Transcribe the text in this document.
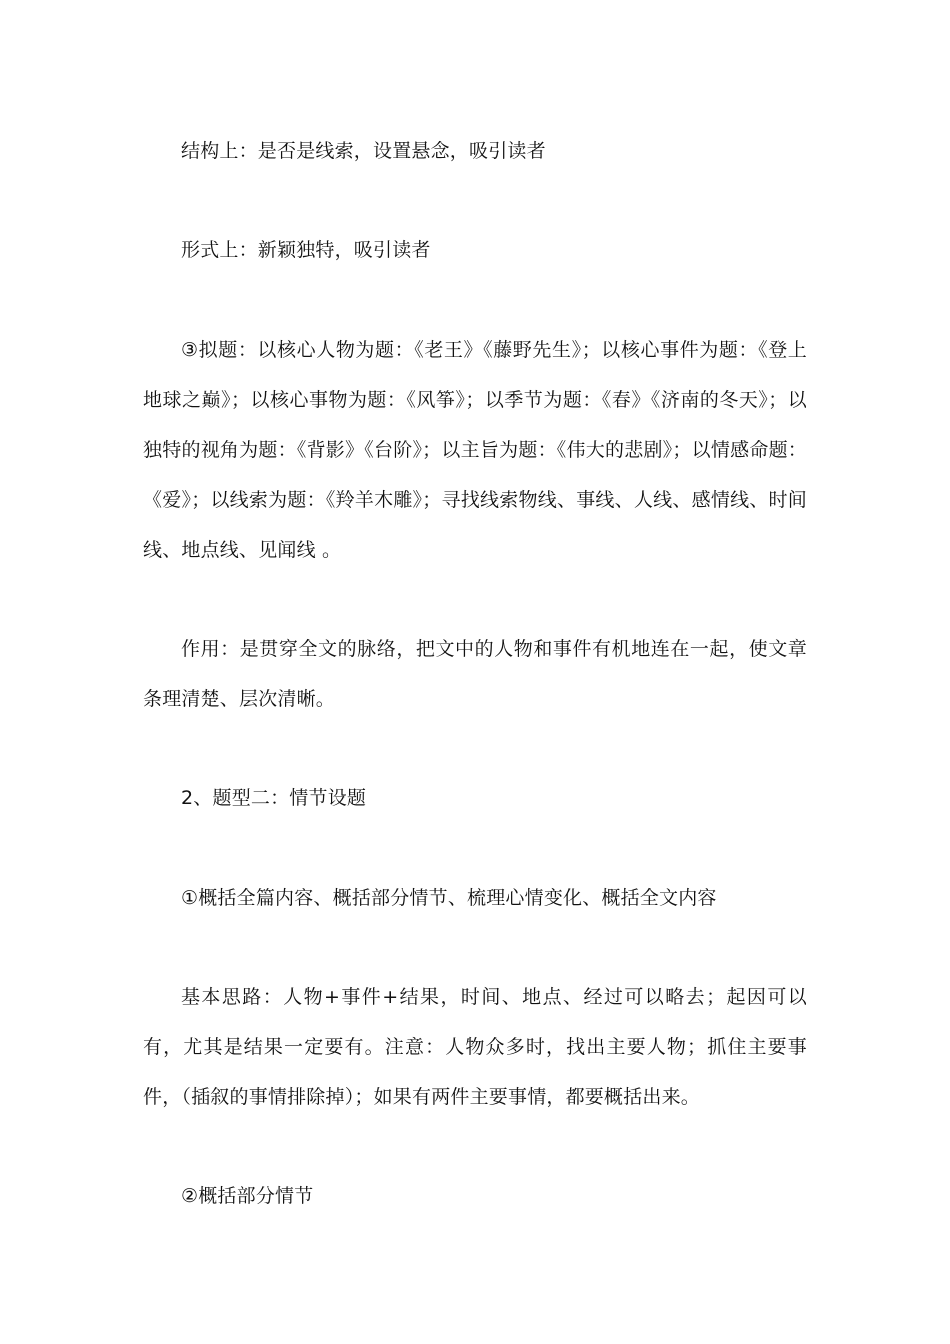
结构上：是否是线索，设置悬念，吸引读者

形式上：新颖独特，吸引读者

③拟题：以核心人物为题：《老王》《藤野先生》；以核心事件为题：《登上地球之巅》；以核心事物为题：《风筝》；以季节为题：《春》《济南的冬天》；以独特的视角为题：《背影》《台阶》；以主旨为题：《伟大的悲剧》；以情感命题：《爱》；以线索为题：《羚羊木雕》；寻找线索物线、事线、人线、感情线、时间线、地点线、见闻线 。

作用：是贯穿全文的脉络，把文中的人物和事件有机地连在一起，使文章条理清楚、层次清晰。

2、题型二：情节设题

①概括全篇内容、概括部分情节、梳理心情变化、概括全文内容

基本思路：人物+事件+结果，时间、地点、经过可以略去；起因可以有，尤其是结果一定要有。注意：人物众多时，找出主要人物；抓住主要事件，（插叙的事情排除掉）；如果有两件主要事情，都要概括出来。

②概括部分情节
